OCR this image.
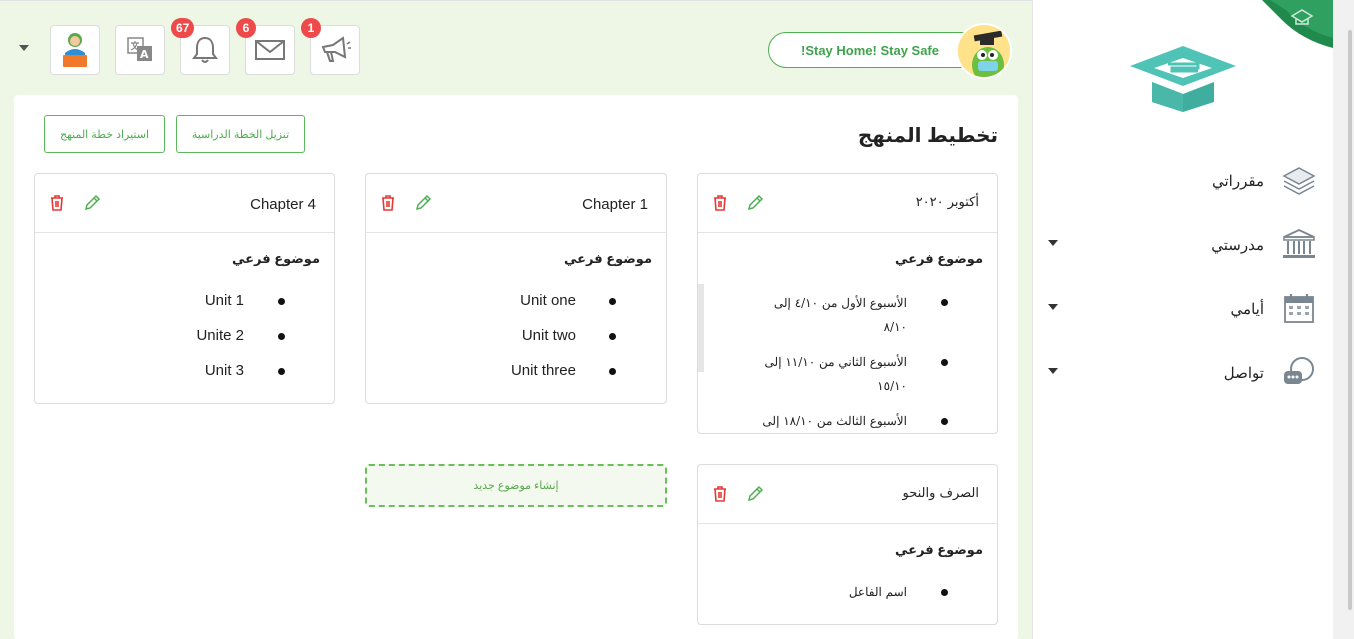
A
67	6	1
!Stay Home! Stay Safe
تخطيط المنهج
تنزيل الخطة الدراسية
استيراد خطة المنهج
أكتوبر ٢٠٢٠
موضوع فرعي
الأسبوع الأول من ٤/١٠ إلى ٨/١٠
الأسبوع الثاني من ١١/١٠ إلى ١٥/١٠
الأسبوع الثالث من ١٨/١٠ إلى
Chapter 1
موضوع فرعي
Unit one
Unit two
Unit three
Chapter 4
موضوع فرعي
Unit 1
Unite 2
Unit 3
الصرف والنحو
موضوع فرعي
اسم الفاعل
إنشاء موضوع جديد
مقرراتي
مدرستي
أيامي
تواصل
